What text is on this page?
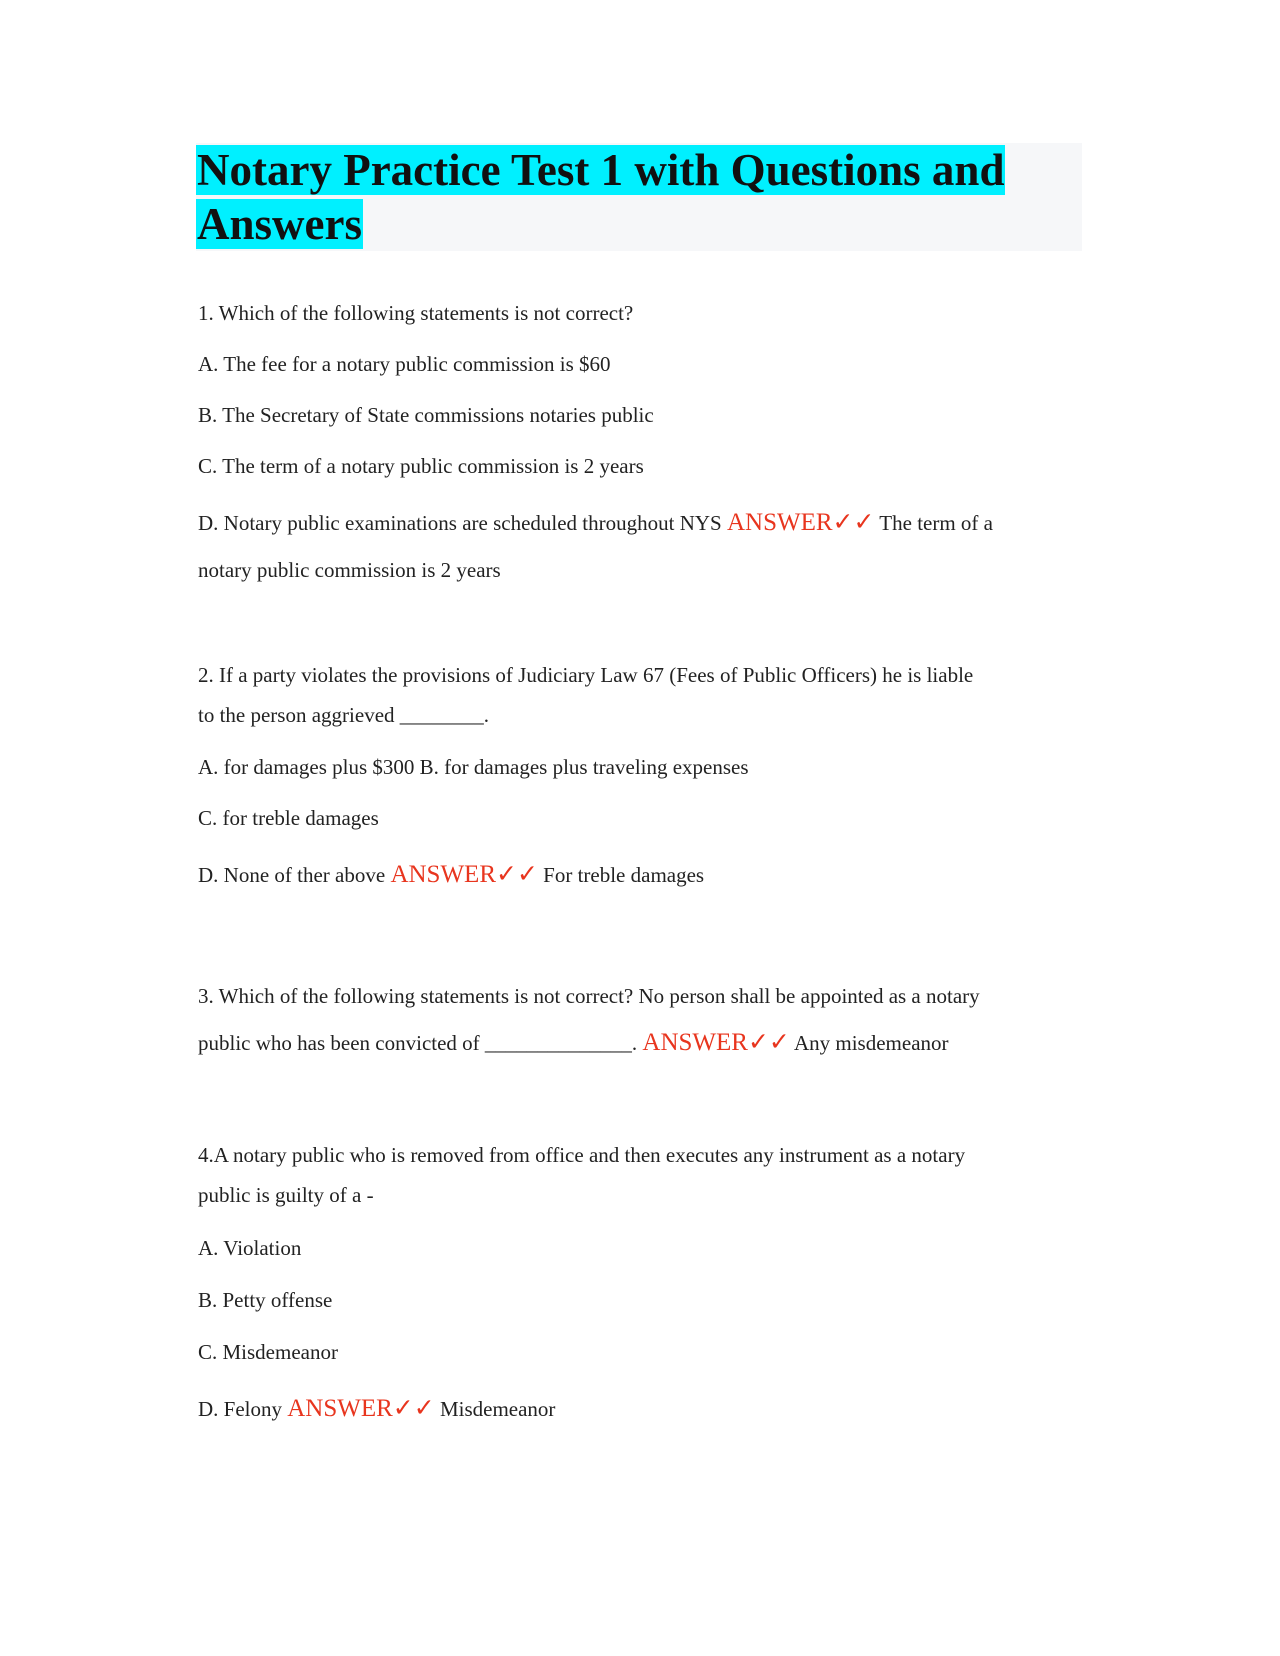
Notary Practice Test 1 with Questions and
Answers

1. Which of the following statements is not correct?

A. The fee for a notary public commission is $60

B. The Secretary of State commissions notaries public

C. The term of a notary public commission is 2 years

D. Notary public examinations are scheduled throughout NYS ANSWER✓✓ The term of a

notary public commission is 2 years

2. If a party violates the provisions of Judiciary Law 67 (Fees of Public Officers) he is liable

to the person aggrieved ________.

A. for damages plus $300 B. for damages plus traveling expenses

C. for treble damages

D. None of ther above ANSWER✓✓ For treble damages

3. Which of the following statements is not correct? No person shall be appointed as a notary

public who has been convicted of ______________. ANSWER✓✓ Any misdemeanor

4.A notary public who is removed from office and then executes any instrument as a notary

public is guilty of a -

A. Violation

B. Petty offense

C. Misdemeanor

D. Felony ANSWER✓✓ Misdemeanor
